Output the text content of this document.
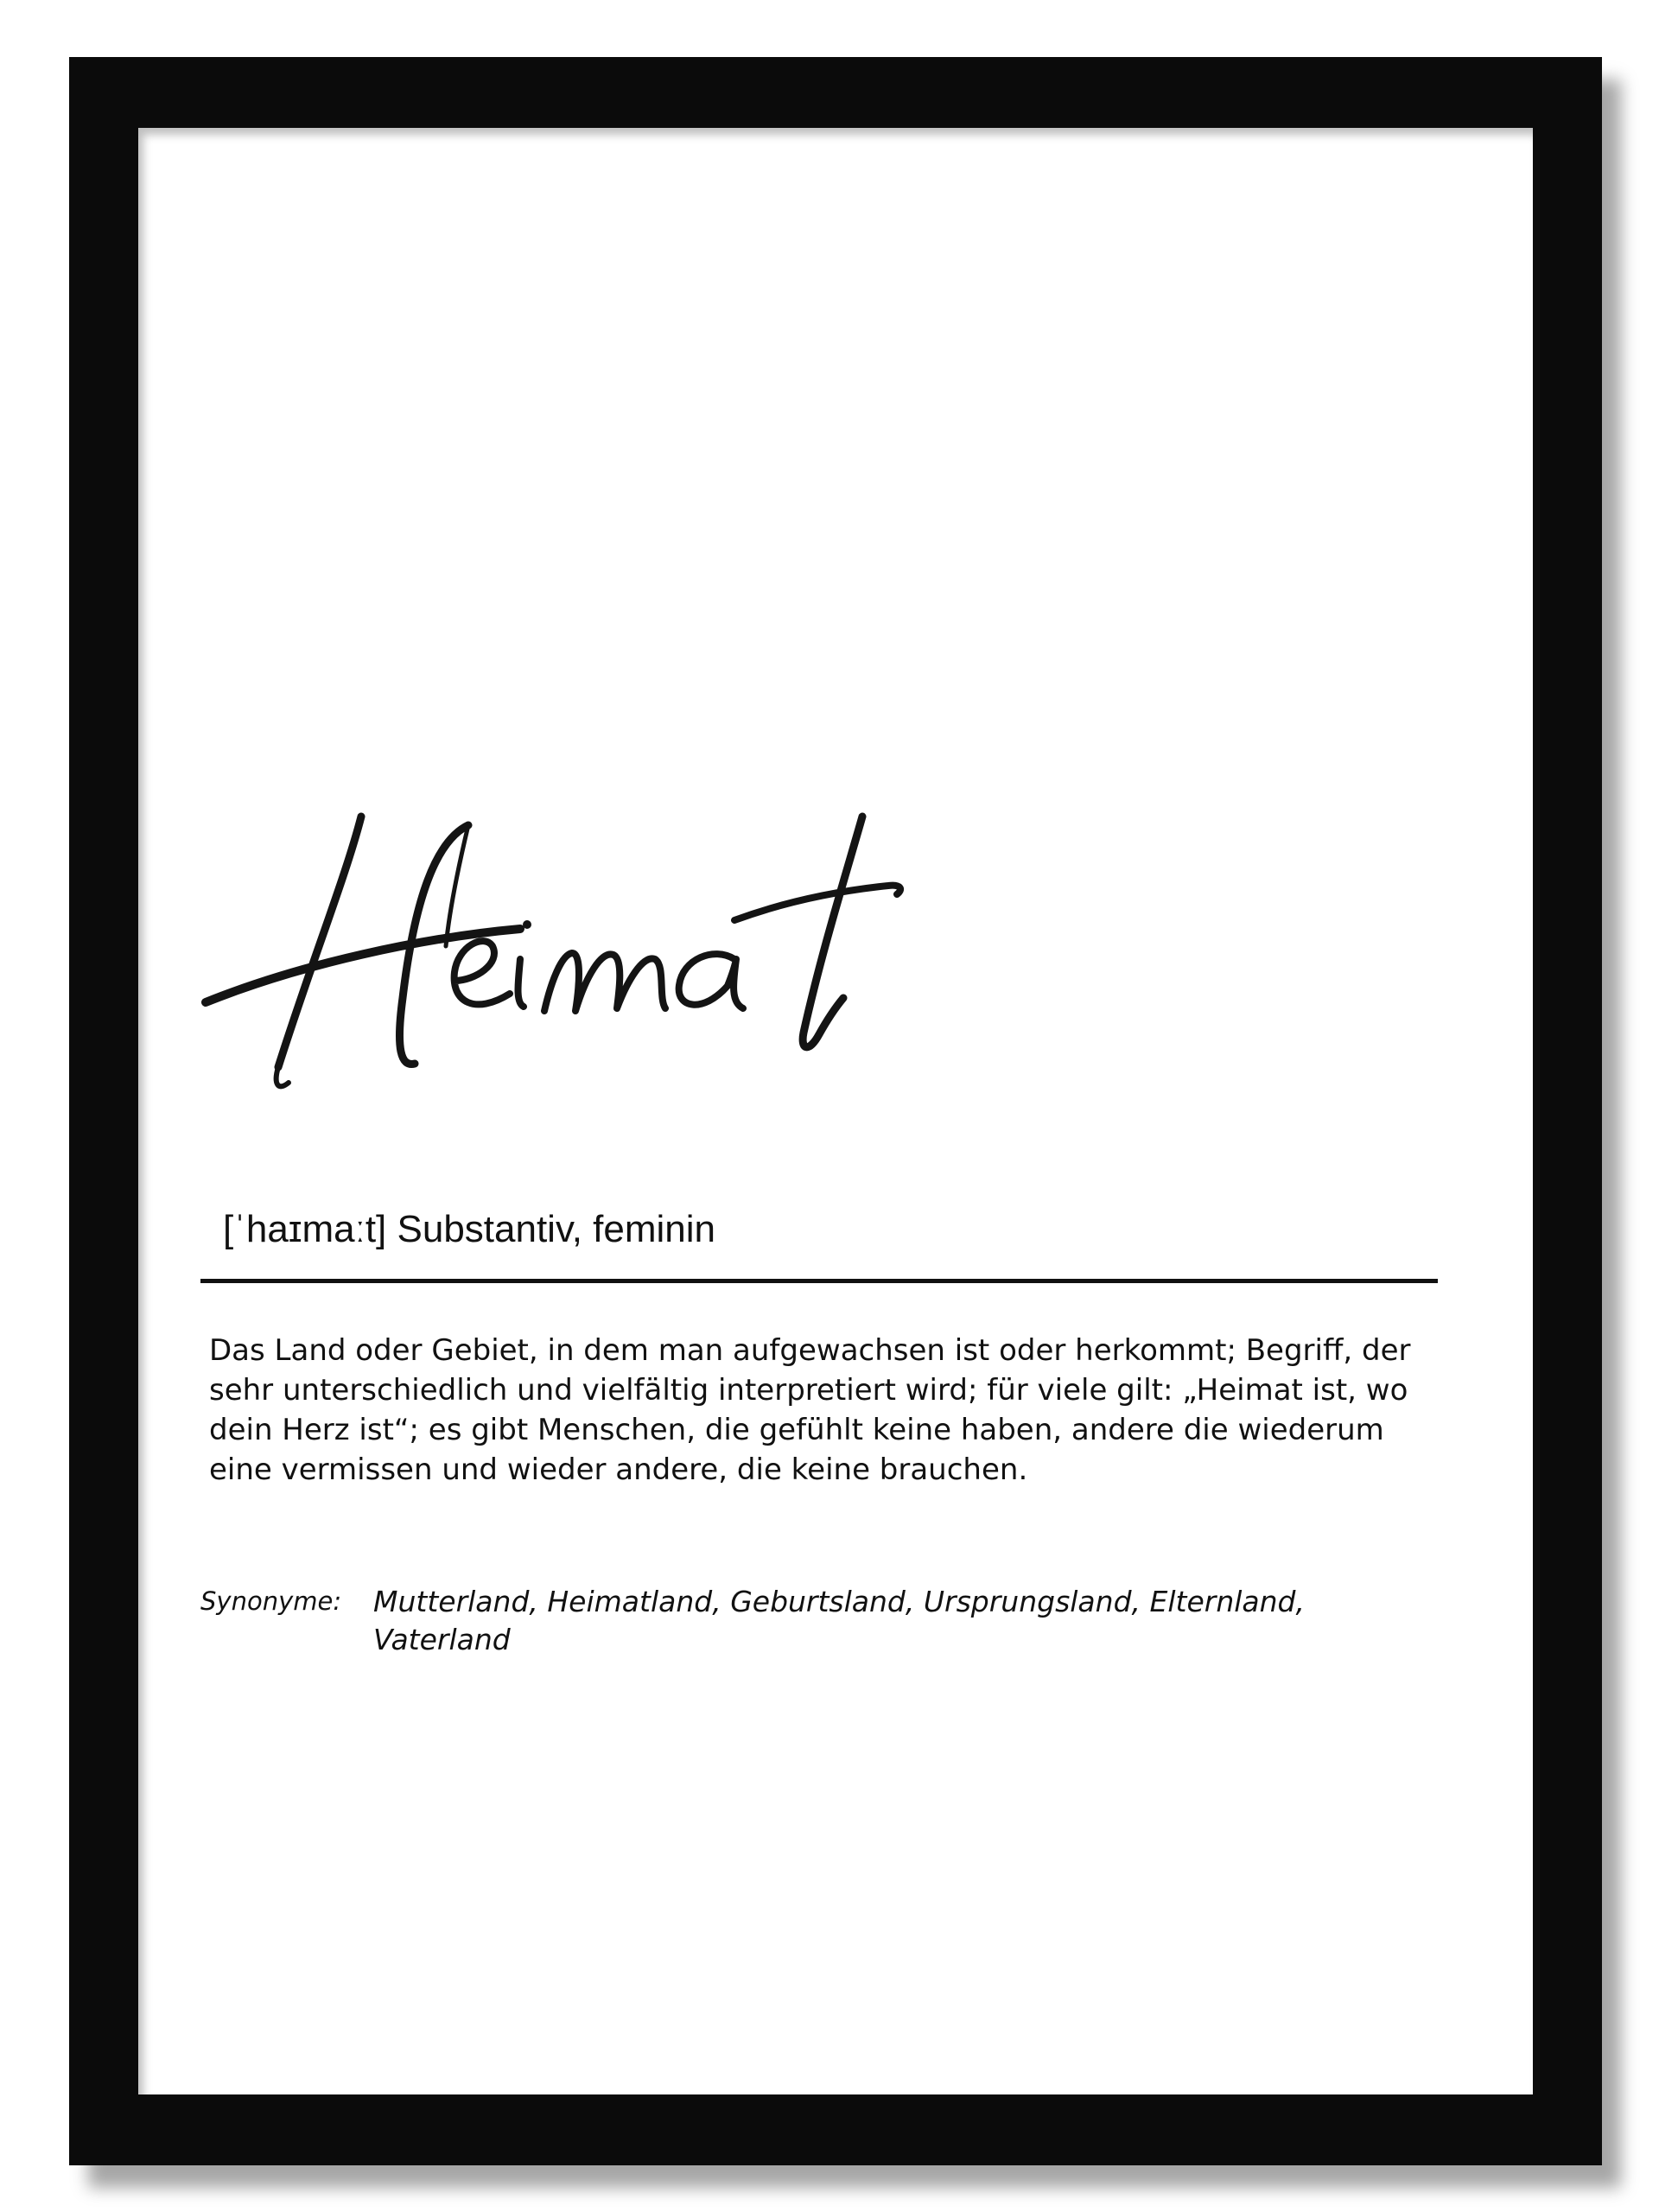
[ˈhaɪmaːt] Substantiv, feminin
Das Land oder Gebiet, in dem man aufgewachsen ist oder herkommt; Begriff, der sehr unterschiedlich und vielfältig interpretiert wird; für viele gilt: „Heimat ist, wo dein Herz ist“; es gibt Menschen, die gefühlt keine haben, andere die wiederum eine vermissen und wieder andere, die keine brauchen.
Synonyme: Mutterland, Heimatland, Geburtsland, Ursprungsland, Elternland, Vaterland
